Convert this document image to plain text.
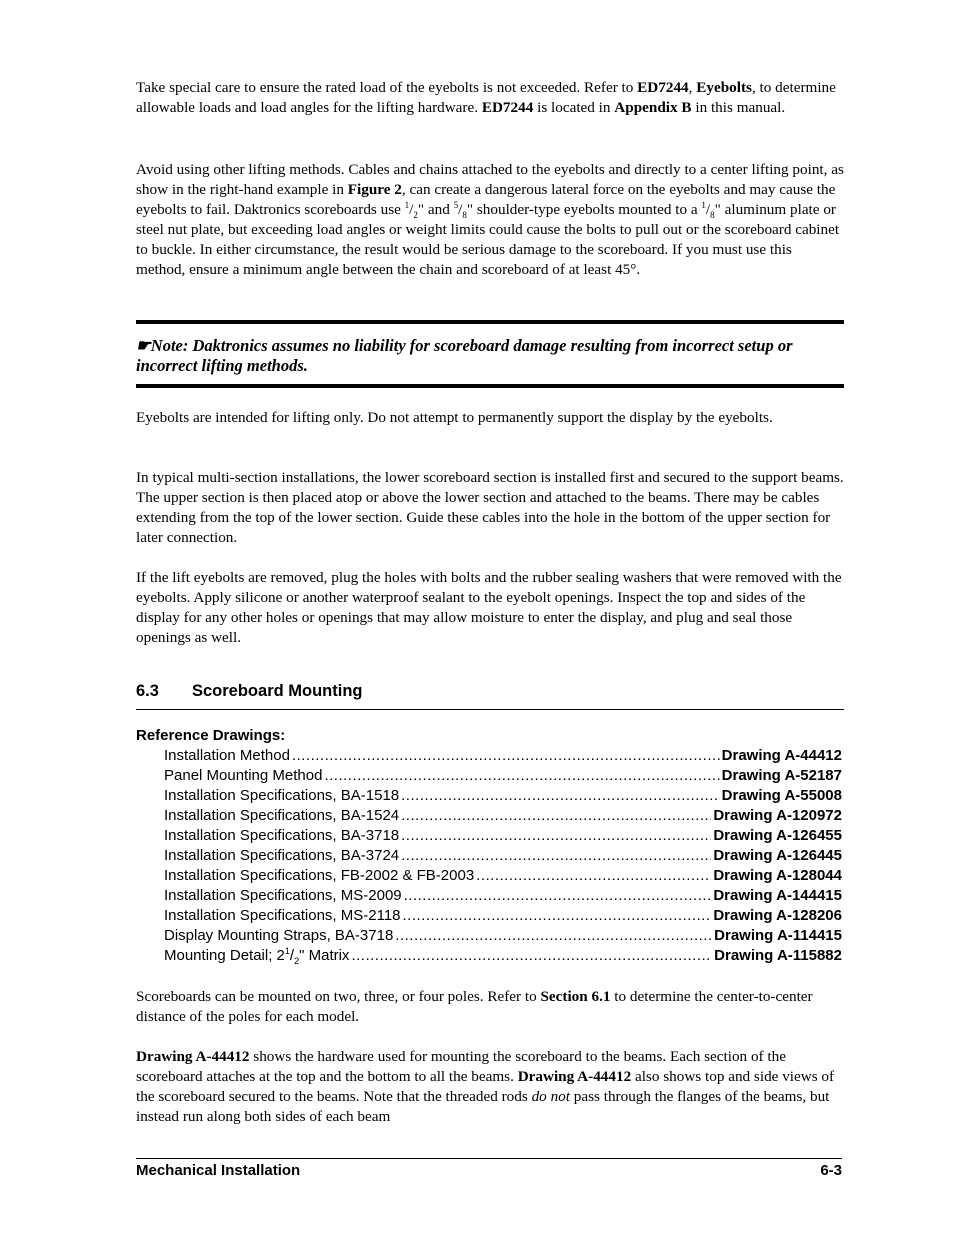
Take special care to ensure the rated load of the eyebolts is not exceeded. Refer to ED7244, Eyebolts, to determine allowable loads and load angles for the lifting hardware. ED7244 is located in Appendix B in this manual.

Avoid using other lifting methods. Cables and chains attached to the eyebolts and directly to a center lifting point, as show in the right-hand example in Figure 2, can create a dangerous lateral force on the eyebolts and may cause the eyebolts to fail. Daktronics scoreboards use $^1/_2$" and $^5/_8$" shoulder-type eyebolts mounted to a $^1/_8$" aluminum plate or steel nut plate, but exceeding load angles or weight limits could cause the bolts to pull out or the scoreboard cabinet to buckle. In either circumstance, the result would be serious damage to the scoreboard. If you must use this method, ensure a minimum angle between the chain and scoreboard of at least 45°.

☛Note: Daktronics assumes no liability for scoreboard damage resulting from incorrect setup or incorrect lifting methods.

Eyebolts are intended for lifting only. Do not attempt to permanently support the display by the eyebolts.

In typical multi-section installations, the lower scoreboard section is installed first and secured to the support beams. The upper section is then placed atop or above the lower section and attached to the beams. There may be cables extending from the top of the lower section. Guide these cables into the hole in the bottom of the upper section for later connection.

If the lift eyebolts are removed, plug the holes with bolts and the rubber sealing washers that were removed with the eyebolts. Apply silicone or another waterproof sealant to the eyebolt openings. Inspect the top and sides of the display for any other holes or openings that may allow moisture to enter the display, and plug and seal those openings as well.

6.3 Scoreboard Mounting
Reference Drawings:
Installation Method .....	Drawing A-44412
Panel Mounting Method .....	Drawing A-52187
Installation Specifications, BA-1518 .....	Drawing A-55008
Installation Specifications, BA-1524 .....	Drawing A-120972
Installation Specifications, BA-3718 .....	Drawing A-126455
Installation Specifications, BA-3724 .....	Drawing A-126445
Installation Specifications, FB-2002 & FB-2003 .....	Drawing A-128044
Installation Specifications, MS-2009 .....	Drawing A-144415
Installation Specifications, MS-2118 .....	Drawing A-128206
Display Mounting Straps, BA-3718 .....	Drawing A-114415
Mounting Detail; $2^1/_2$" Matrix .....	Drawing A-115882

Scoreboards can be mounted on two, three, or four poles. Refer to Section 6.1 to determine the center-to-center distance of the poles for each model.

Drawing A-44412 shows the hardware used for mounting the scoreboard to the beams. Each section of the scoreboard attaches at the top and the bottom to all the beams. Drawing A-44412 also shows top and side views of the scoreboard secured to the beams. Note that the threaded rods do not pass through the flanges of the beams, but instead run along both sides of each beam

Mechanical Installation	6-3
